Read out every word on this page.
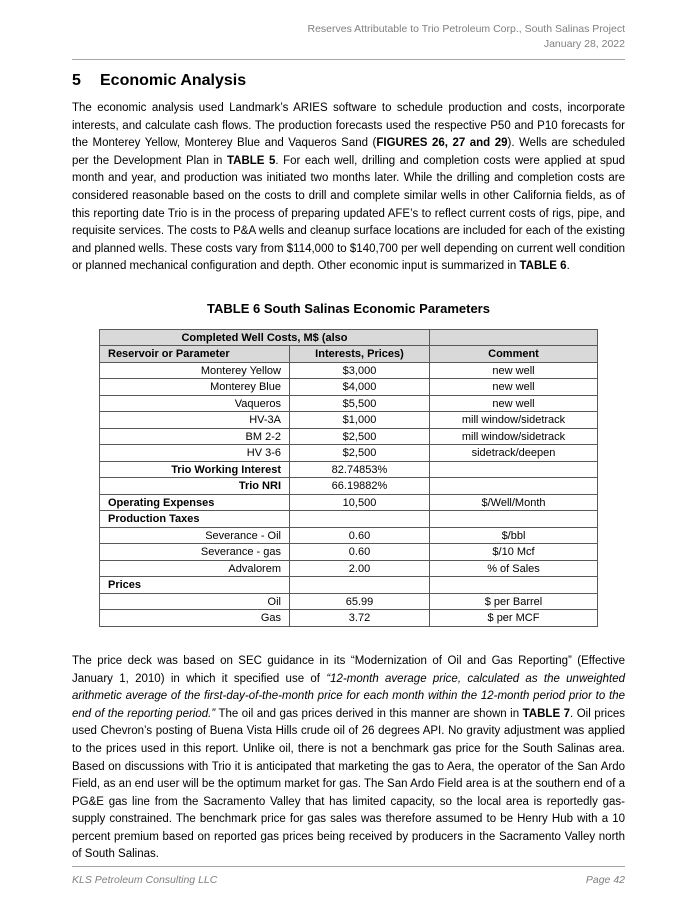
Reserves Attributable to Trio Petroleum Corp., South Salinas Project
January 28, 2022
5 Economic Analysis

The economic analysis used Landmark’s ARIES software to schedule production and costs, incorporate interests, and calculate cash flows. The production forecasts used the respective P50 and P10 forecasts for the Monterey Yellow, Monterey Blue and Vaqueros Sand (FIGURES 26, 27 and 29). Wells are scheduled per the Development Plan in TABLE 5. For each well, drilling and completion costs were applied at spud month and year, and production was initiated two months later. While the drilling and completion costs are considered reasonable based on the costs to drill and complete similar wells in other California fields, as of this reporting date Trio is in the process of preparing updated AFE’s to reflect current costs of rigs, pipe, and requisite services. The costs to P&A wells and cleanup surface locations are included for each of the existing and planned wells. These costs vary from $114,000 to $140,700 per well depending on current well condition or planned mechanical configuration and depth. Other economic input is summarized in TABLE 6.

TABLE 6 South Salinas Economic Parameters
Completed Well Costs, M$ (also		
Reservoir or Parameter	Interests, Prices)	Comment
Monterey Yellow	$3,000	new well
Monterey Blue	$4,000	new well
Vaqueros	$5,500	new well
HV-3A	$1,000	mill window/sidetrack
BM 2-2	$2,500	mill window/sidetrack
HV 3-6	$2,500	sidetrack/deepen
Trio Working Interest	82.74853%	
Trio NRI	66.19882%	
Operating Expenses	10,500	$/Well/Month
Production Taxes		
Severance - Oil	0.60	$/bbl
Severance - gas	0.60	$/10 Mcf
Advalorem	2.00	% of Sales
Prices		
Oil	65.99	$ per Barrel
Gas	3.72	$ per MCF

The price deck was based on SEC guidance in its “Modernization of Oil and Gas Reporting” (Effective January 1, 2010) in which it specified use of “12-month average price, calculated as the unweighted arithmetic average of the first-day-of-the-month price for each month within the 12-month period prior to the end of the reporting period.” The oil and gas prices derived in this manner are shown in TABLE 7. Oil prices used Chevron’s posting of Buena Vista Hills crude oil of 26 degrees API. No gravity adjustment was applied to the prices used in this report. Unlike oil, there is not a benchmark gas price for the South Salinas area. Based on discussions with Trio it is anticipated that marketing the gas to Aera, the operator of the San Ardo Field, as an end user will be the optimum market for gas. The San Ardo Field area is at the southern end of a PG&E gas line from the Sacramento Valley that has limited capacity, so the local area is reportedly gas-supply constrained. The benchmark price for gas sales was therefore assumed to be Henry Hub with a 10 percent premium based on reported gas prices being received by producers in the Sacramento Valley north of South Salinas.

KLS Petroleum Consulting LLC	Page 42
